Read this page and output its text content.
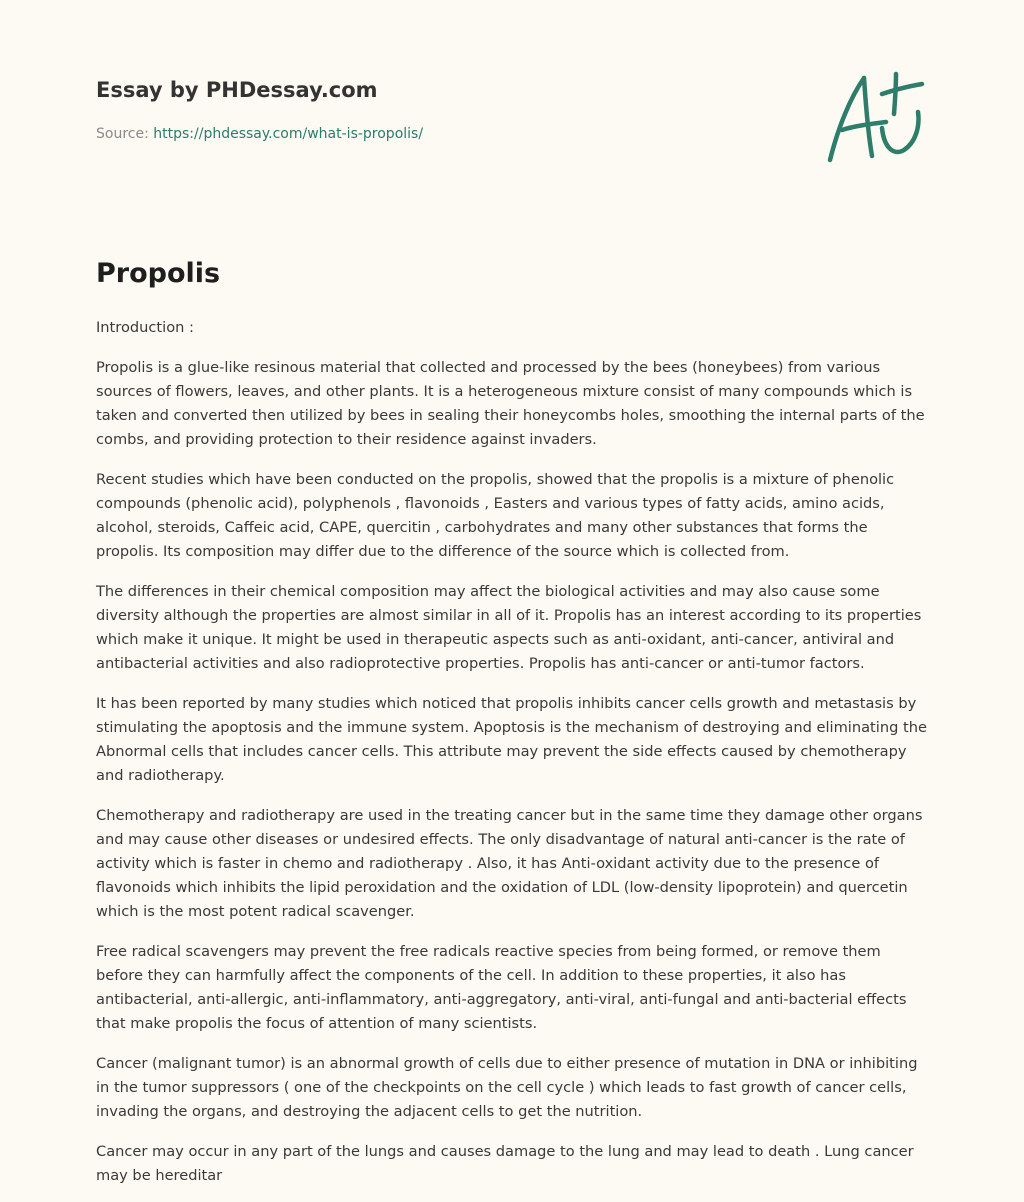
Essay by PHDessay.com
Source: https://phdessay.com/what-is-propolis/
Propolis

Introduction :

Propolis is a glue-like resinous material that collected and processed by the bees (honeybees) from various sources of flowers, leaves, and other plants. It is a heterogeneous mixture consist of many compounds which is taken and converted then utilized by bees in sealing their honeycombs holes, smoothing the internal parts of the combs, and providing protection to their residence against invaders.

Recent studies which have been conducted on the propolis, showed that the propolis is a mixture of phenolic compounds (phenolic acid), polyphenols , flavonoids , Easters and various types of fatty acids, amino acids, alcohol, steroids, Caffeic acid, CAPE, quercitin , carbohydrates and many other substances that forms the propolis. Its composition may differ due to the difference of the source which is collected from.

The differences in their chemical composition may affect the biological activities and may also cause some diversity although the properties are almost similar in all of it. Propolis has an interest according to its properties which make it unique. It might be used in therapeutic aspects such as anti-oxidant, anti-cancer, antiviral and antibacterial activities and also radioprotective properties. Propolis has anti-cancer or anti-tumor factors.

It has been reported by many studies which noticed that propolis inhibits cancer cells growth and metastasis by stimulating the apoptosis and the immune system. Apoptosis is the mechanism of destroying and eliminating the Abnormal cells that includes cancer cells. This attribute may prevent the side effects caused by chemotherapy and radiotherapy.

Chemotherapy and radiotherapy are used in the treating cancer but in the same time they damage other organs and may cause other diseases or undesired effects. The only disadvantage of natural anti-cancer is the rate of activity which is faster in chemo and radiotherapy . Also, it has Anti-oxidant activity due to the presence of flavonoids which inhibits the lipid peroxidation and the oxidation of LDL (low-density lipoprotein) and quercetin which is the most potent radical scavenger.

Free radical scavengers may prevent the free radicals reactive species from being formed, or remove them before they can harmfully affect the components of the cell. In addition to these properties, it also has antibacterial, anti-allergic, anti-inflammatory, anti-aggregatory, anti-viral, anti-fungal and anti-bacterial effects that make propolis the focus of attention of many scientists.

Cancer (malignant tumor) is an abnormal growth of cells due to either presence of mutation in DNA or inhibiting in the tumor suppressors ( one of the checkpoints on the cell cycle ) which leads to fast growth of cancer cells, invading the organs, and destroying the adjacent cells to get the nutrition.

Cancer may occur in any part of the lungs and causes damage to the lung and may lead to death . Lung cancer may be hereditar
